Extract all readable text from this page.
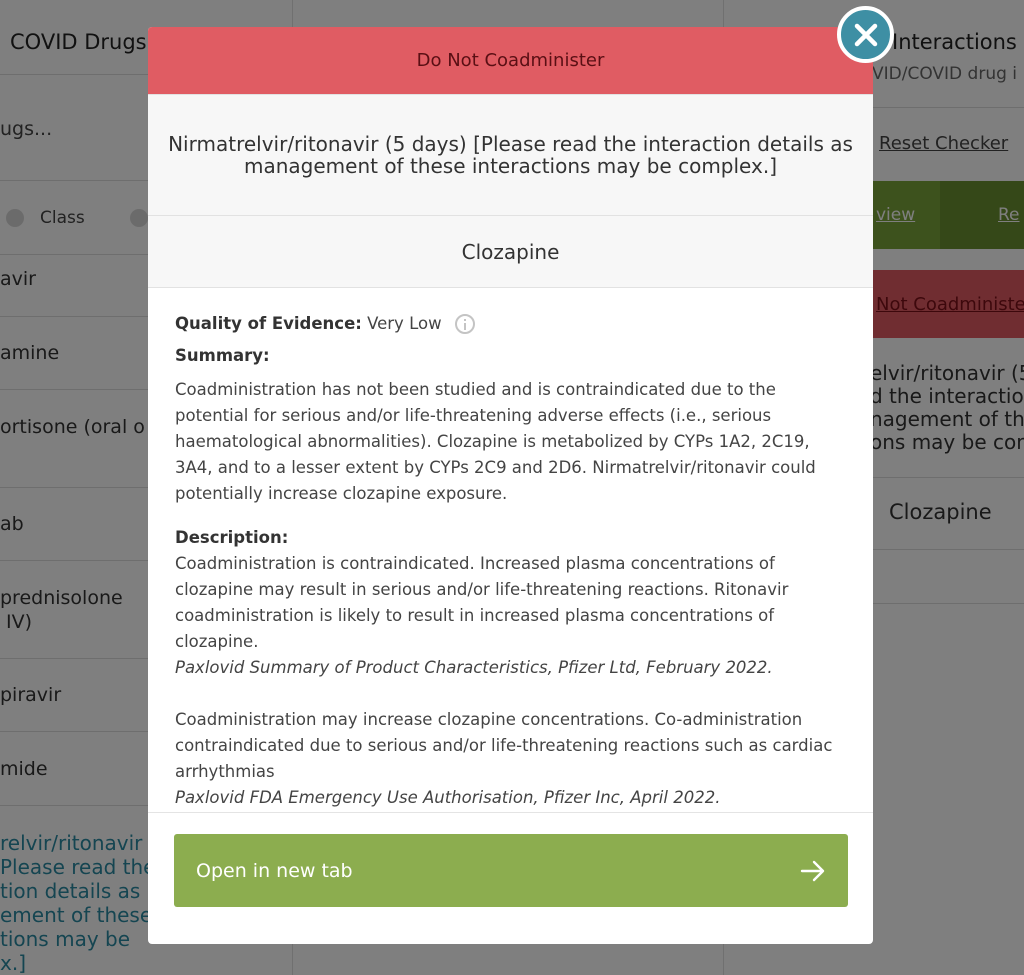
Do Not Coadminister
Nirmatrelvir/ritonavir (5 days) [Please read the interaction details as management of these interactions may be complex.]
Clozapine
Quality of Evidence: Very Low
Summary:

Coadministration has not been studied and is contraindicated due to the potential for serious and/or life-threatening adverse effects (i.e., serious haematological abnormalities). Clozapine is metabolized by CYPs 1A2, 2C19, 3A4, and to a lesser extent by CYPs 2C9 and 2D6. Nirmatrelvir/ritonavir could potentially increase clozapine exposure.

Description:

Coadministration is contraindicated. Increased plasma concentrations of clozapine may result in serious and/or life-threatening reactions. Ritonavir coadministration is likely to result in increased plasma concentrations of clozapine.

Paxlovid Summary of Product Characteristics, Pfizer Ltd, February 2022.

Coadministration may increase clozapine concentrations. Co-administration contraindicated due to serious and/or life-threatening reactions such as cardiac arrhythmias

Paxlovid FDA Emergency Use Authorisation, Pfizer Inc, April 2022.

Open in new tab
